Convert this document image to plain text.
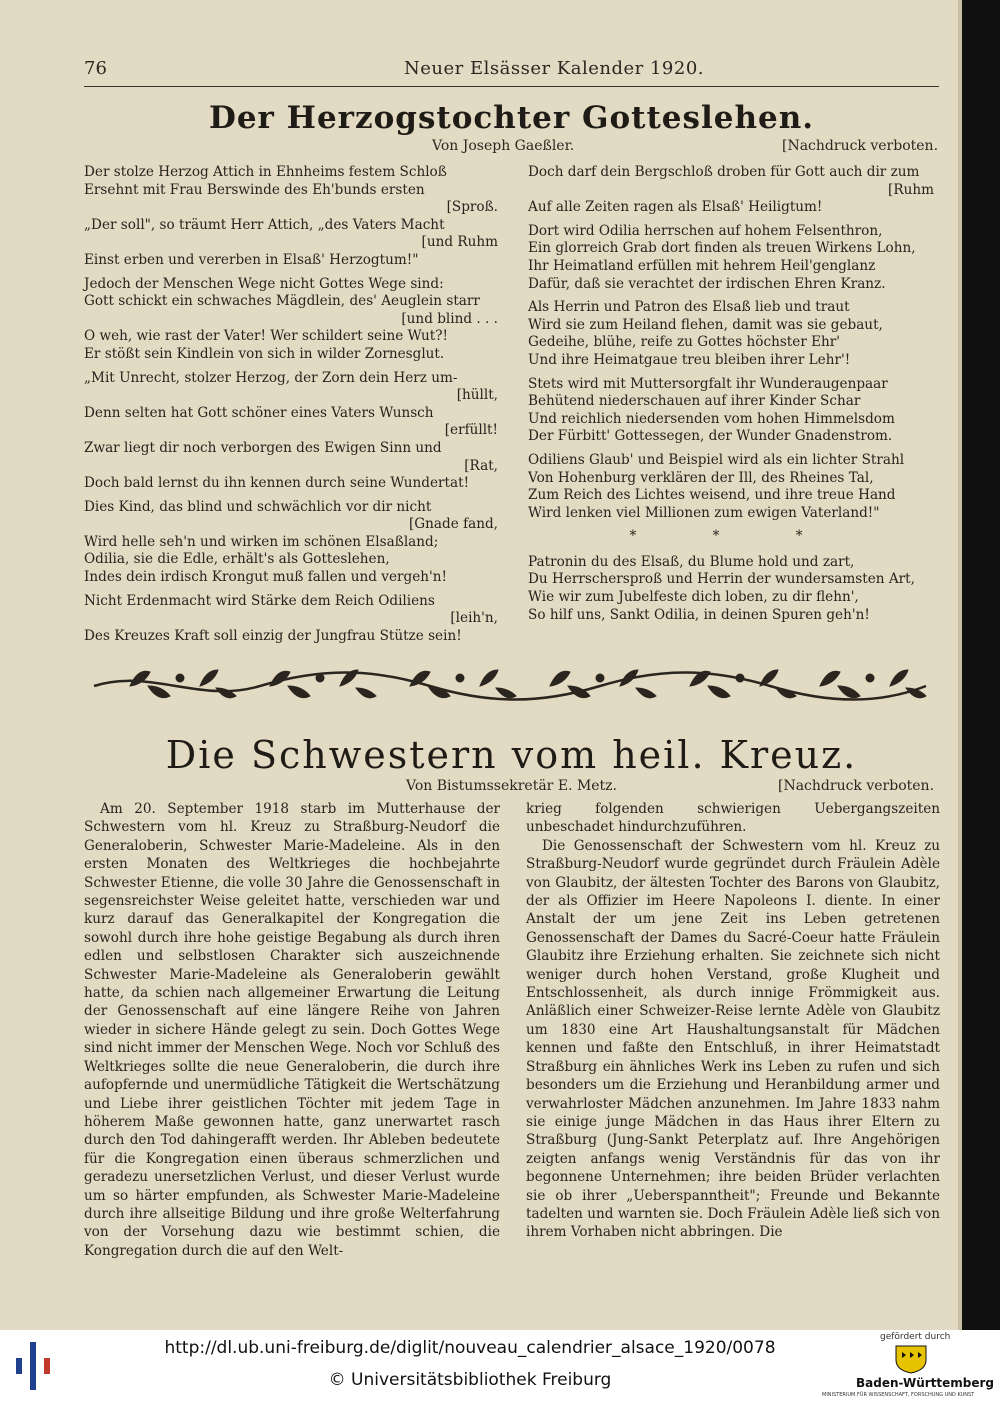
76	Neuer Elsässer Kalender 1920.
Der Herzogstochter Gotteslehen.
Von Joseph Gaeßler.	[Nachdruck verboten.
Der stolze Herzog Attich in Ehnheims festem Schloß
Ersehnt mit Frau Berswinde des Eh'bunds ersten
[Sproß.
„Der soll", so träumt Herr Attich, „des Vaters Macht
[und Ruhm
Einst erben und vererben in Elsaß' Herzogtum!"
Jedoch der Menschen Wege nicht Gottes Wege sind:
Gott schickt ein schwaches Mägdlein, des' Aeuglein starr
[und blind . . .
O weh, wie rast der Vater! Wer schildert seine Wut?!
Er stößt sein Kindlein von sich in wilder Zornesglut.
„Mit Unrecht, stolzer Herzog, der Zorn dein Herz um-
[hüllt,
Denn selten hat Gott schöner eines Vaters Wunsch
[erfüllt!
Zwar liegt dir noch verborgen des Ewigen Sinn und
[Rat,
Doch bald lernst du ihn kennen durch seine Wundertat!
Dies Kind, das blind und schwächlich vor dir nicht
[Gnade fand,
Wird helle seh'n und wirken im schönen Elsaßland;
Odilia, sie die Edle, erhält's als Gotteslehen,
Indes dein irdisch Krongut muß fallen und vergeh'n!
Nicht Erdenmacht wird Stärke dem Reich Odiliens
[leih'n,
Des Kreuzes Kraft soll einzig der Jungfrau Stütze sein!
Doch darf dein Bergschloß droben für Gott auch dir zum
[Ruhm
Auf alle Zeiten ragen als Elsaß' Heiligtum!
Dort wird Odilia herrschen auf hohem Felsenthron,
Ein glorreich Grab dort finden als treuen Wirkens Lohn,
Ihr Heimatland erfüllen mit hehrem Heil'genglanz
Dafür, daß sie verachtet der irdischen Ehren Kranz.
Als Herrin und Patron des Elsaß lieb und traut
Wird sie zum Heiland flehen, damit was sie gebaut,
Gedeihe, blühe, reife zu Gottes höchster Ehr'
Und ihre Heimatgaue treu bleiben ihrer Lehr'!
Stets wird mit Muttersorgfalt ihr Wunderaugenpaar
Behütend niederschauen auf ihrer Kinder Schar
Und reichlich niedersenden vom hohen Himmelsdom
Der Fürbitt' Gottessegen, der Wunder Gnadenstrom.
Odiliens Glaub' und Beispiel wird als ein lichter Strahl
Von Hohenburg verklären der Ill, des Rheines Tal,
Zum Reich des Lichtes weisend, und ihre treue Hand
Wird lenken viel Millionen zum ewigen Vaterland!"
* * *
Patronin du des Elsaß, du Blume hold und zart,
Du Herrschersproß und Herrin der wundersamsten Art,
Wie wir zum Jubelfeste dich loben, zu dir flehn',
So hilf uns, Sankt Odilia, in deinen Spuren geh'n!
Die Schwestern vom heil. Kreuz.
Von Bistumssekretär E. Metz.	[Nachdruck verboten.

Am 20. September 1918 starb im Mutterhause der Schwestern vom hl. Kreuz zu Straßburg-Neudorf die Generaloberin, Schwester Marie-Madeleine. Als in den ersten Monaten des Weltkrieges die hochbejahrte Schwester Etienne, die volle 30 Jahre die Genossenschaft in segensreichster Weise geleitet hatte, verschieden war und kurz darauf das Generalkapitel der Kongregation die sowohl durch ihre hohe geistige Begabung als durch ihren edlen und selbstlosen Charakter sich auszeichnende Schwester Marie-Madeleine als Generaloberin gewählt hatte, da schien nach allgemeiner Erwartung die Leitung der Genossenschaft auf eine längere Reihe von Jahren wieder in sichere Hände gelegt zu sein. Doch Gottes Wege sind nicht immer der Menschen Wege. Noch vor Schluß des Weltkrieges sollte die neue Generaloberin, die durch ihre aufopfernde und unermüdliche Tätigkeit die Wertschätzung und Liebe ihrer geistlichen Töchter mit jedem Tage in höherem Maße gewonnen hatte, ganz unerwartet rasch durch den Tod dahingerafft werden. Ihr Ableben bedeutete für die Kongregation einen überaus schmerzlichen und geradezu unersetzlichen Verlust, und dieser Verlust wurde um so härter empfunden, als Schwester Marie-Madeleine durch ihre allseitige Bildung und ihre große Welterfahrung von der Vorsehung dazu wie bestimmt schien, die Kongregation durch die auf den Welt-

krieg folgenden schwierigen Uebergangszeiten unbeschadet hindurchzuführen.

Die Genossenschaft der Schwestern vom hl. Kreuz zu Straßburg-Neudorf wurde gegründet durch Fräulein Adèle von Glaubitz, der ältesten Tochter des Barons von Glaubitz, der als Offizier im Heere Napoleons I. diente. In einer Anstalt der um jene Zeit ins Leben getretenen Genossenschaft der Dames du Sacré-Coeur hatte Fräulein Glaubitz ihre Erziehung erhalten. Sie zeichnete sich nicht weniger durch hohen Verstand, große Klugheit und Entschlossenheit, als durch innige Frömmigkeit aus. Anläßlich einer Schweizer-Reise lernte Adèle von Glaubitz um 1830 eine Art Haushaltungsanstalt für Mädchen kennen und faßte den Entschluß, in ihrer Heimatstadt Straßburg ein ähnliches Werk ins Leben zu rufen und sich besonders um die Erziehung und Heranbildung armer und verwahrloster Mädchen anzunehmen. Im Jahre 1833 nahm sie einige junge Mädchen in das Haus ihrer Eltern zu Straßburg (Jung-Sankt Peterplatz auf. Ihre Angehörigen zeigten anfangs wenig Verständnis für das von ihr begonnene Unternehmen; ihre beiden Brüder verlachten sie ob ihrer „Ueberspanntheit"; Freunde und Bekannte tadelten und warnten sie. Doch Fräulein Adèle ließ sich von ihrem Vorhaben nicht abbringen. Die

http://dl.ub.uni-freiburg.de/diglit/nouveau_calendrier_alsace_1920/0078
© Universitätsbibliothek Freiburg
gefördert durch
Baden-Württemberg
MINISTERIUM FÜR WISSENSCHAFT, FORSCHUNG UND KUNST
